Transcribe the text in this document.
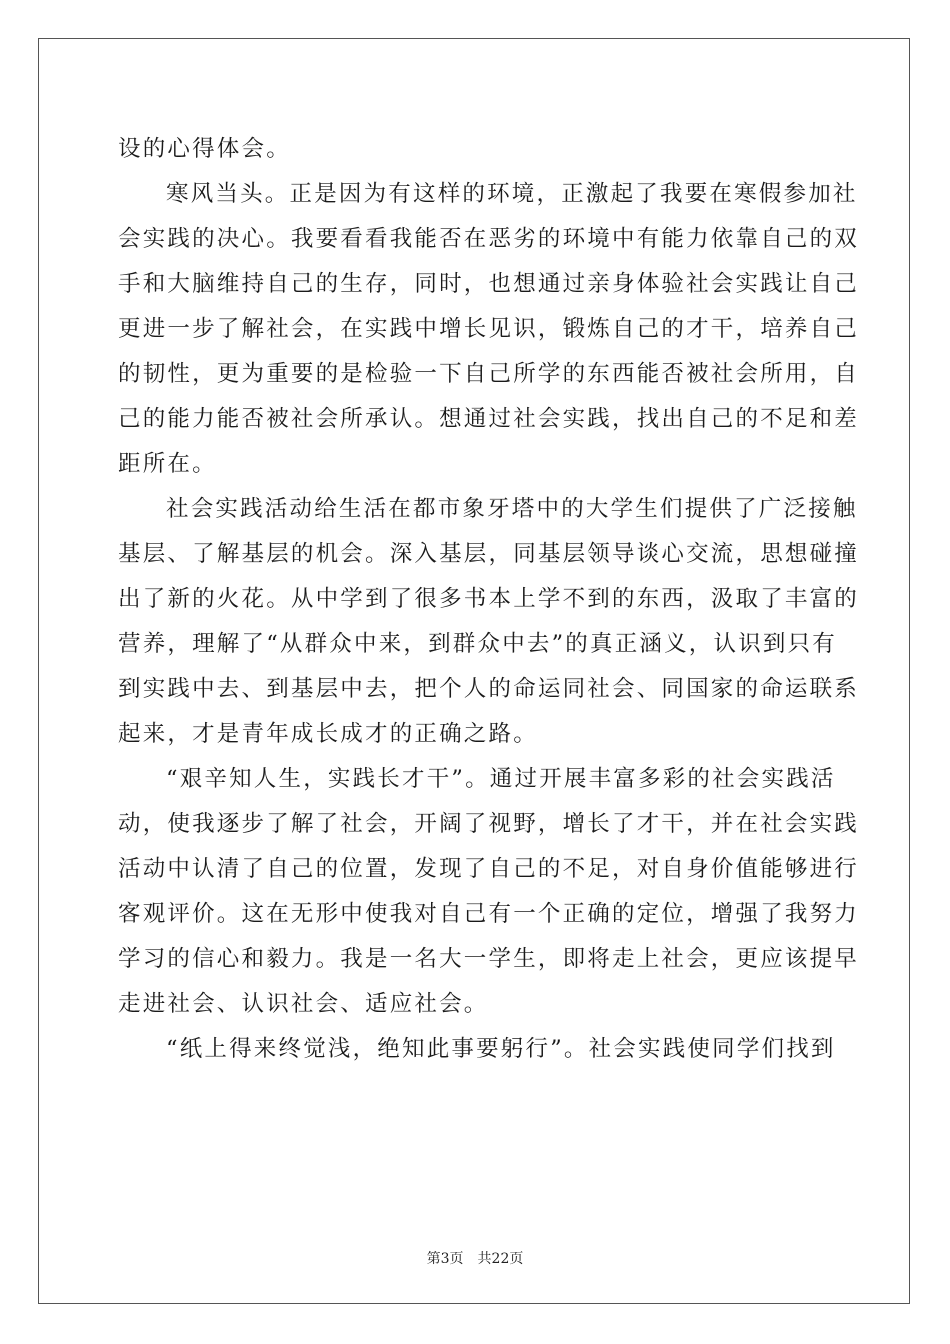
设的心得体会。

寒风当头。正是因为有这样的环境，正激起了我要在寒假参加社

会实践的决心。我要看看我能否在恶劣的环境中有能力依靠自己的双

手和大脑维持自己的生存，同时，也想通过亲身体验社会实践让自己

更进一步了解社会，在实践中增长见识，锻炼自己的才干，培养自己

的韧性，更为重要的是检验一下自己所学的东西能否被社会所用，自

己的能力能否被社会所承认。想通过社会实践，找出自己的不足和差

距所在。

社会实践活动给生活在都市象牙塔中的大学生们提供了广泛接触

基层、了解基层的机会。深入基层，同基层领导谈心交流，思想碰撞

出了新的火花。从中学到了很多书本上学不到的东西，汲取了丰富的

营养，理解了“从群众中来，到群众中去”的真正涵义，认识到只有

到实践中去、到基层中去，把个人的命运同社会、同国家的命运联系

起来，才是青年成长成才的正确之路。

“艰辛知人生，实践长才干”。通过开展丰富多彩的社会实践活

动，使我逐步了解了社会，开阔了视野，增长了才干，并在社会实践

活动中认清了自己的位置，发现了自己的不足，对自身价值能够进行

客观评价。这在无形中使我对自己有一个正确的定位，增强了我努力

学习的信心和毅力。我是一名大一学生，即将走上社会，更应该提早

走进社会、认识社会、适应社会。

“纸上得来终觉浅，绝知此事要躬行”。社会实践使同学们找到

第3页 共22页
